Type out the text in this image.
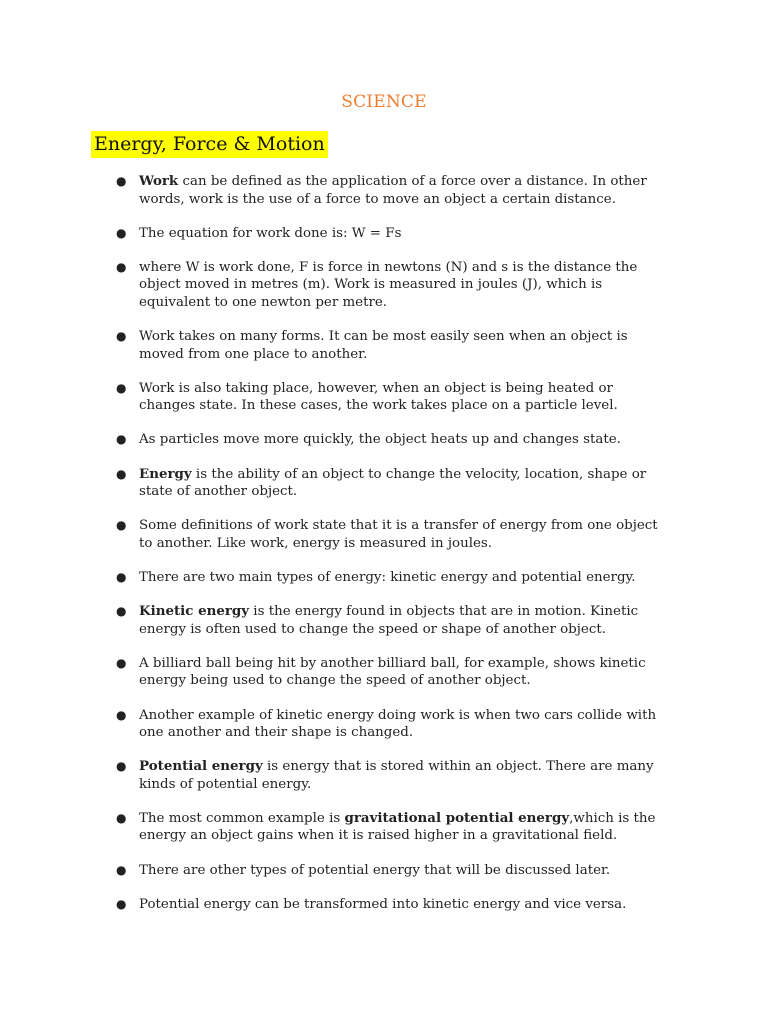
SCIENCE
Energy, Force & Motion
● Work can be defined as the application of a force over a distance. In other words, work is the use of a force to move an object a certain distance.
● The equation for work done is: W = Fs
● where W is work done, F is force in newtons (N) and s is the distance the object moved in metres (m). Work is measured in joules (J), which is equivalent to one newton per metre.
● Work takes on many forms. It can be most easily seen when an object is moved from one place to another.
● Work is also taking place, however, when an object is being heated or changes state. In these cases, the work takes place on a particle level.
● As particles move more quickly, the object heats up and changes state.
● Energy is the ability of an object to change the velocity, location, shape or state of another object.
● Some definitions of work state that it is a transfer of energy from one object to another. Like work, energy is measured in joules.
● There are two main types of energy: kinetic energy and potential energy.
● Kinetic energy is the energy found in objects that are in motion. Kinetic energy is often used to change the speed or shape of another object.
● A billiard ball being hit by another billiard ball, for example, shows kinetic energy being used to change the speed of another object.
● Another example of kinetic energy doing work is when two cars collide with one another and their shape is changed.
● Potential energy is energy that is stored within an object. There are many kinds of potential energy.
● The most common example is gravitational potential energy,which is the energy an object gains when it is raised higher in a gravitational field.
● There are other types of potential energy that will be discussed later.
● Potential energy can be transformed into kinetic energy and vice versa.
